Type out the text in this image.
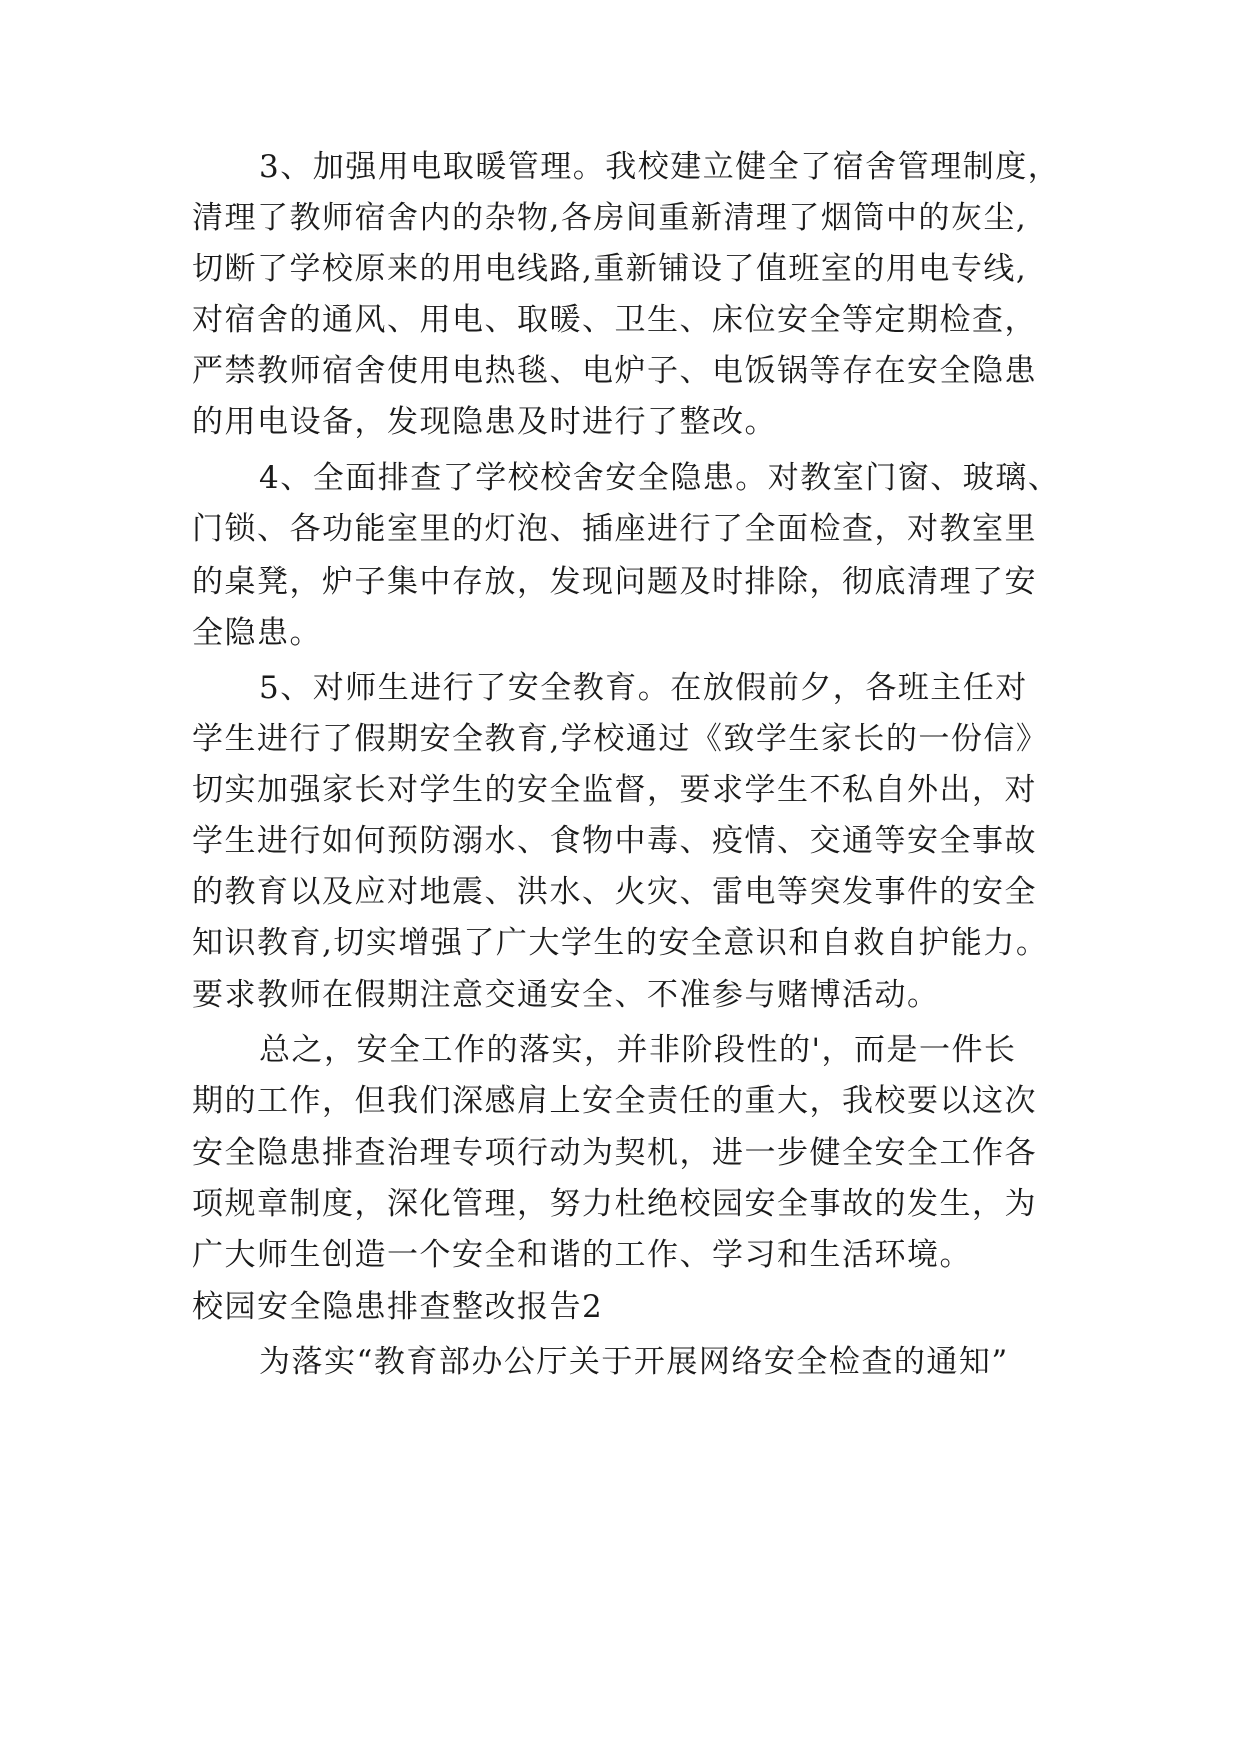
3、加强用电取暖管理。我校建立健全了宿舍管理制度，
清理了教师宿舍内的杂物,各房间重新清理了烟筒中的灰尘,
切断了学校原来的用电线路,重新铺设了值班室的用电专线,
对宿舍的通风、用电、取暖、卫生、床位安全等定期检查，
严禁教师宿舍使用电热毯、电炉子、电饭锅等存在安全隐患
的用电设备，发现隐患及时进行了整改。
4、全面排查了学校校舍安全隐患。对教室门窗、玻璃、
门锁、各功能室里的灯泡、插座进行了全面检查，对教室里
的桌凳，炉子集中存放，发现问题及时排除，彻底清理了安
全隐患。
5、对师生进行了安全教育。在放假前夕，各班主任对
学生进行了假期安全教育,学校通过《致学生家长的一份信》
切实加强家长对学生的安全监督，要求学生不私自外出，对
学生进行如何预防溺水、食物中毒、疫情、交通等安全事故
的教育以及应对地震、洪水、火灾、雷电等突发事件的安全
知识教育,切实增强了广大学生的安全意识和自救自护能力。
要求教师在假期注意交通安全、不准参与赌博活动。
总之，安全工作的落实，并非阶段性的'，而是一件长
期的工作，但我们深感肩上安全责任的重大，我校要以这次
安全隐患排查治理专项行动为契机，进一步健全安全工作各
项规章制度，深化管理，努力杜绝校园安全事故的发生，为
广大师生创造一个安全和谐的工作、学习和生活环境。
校园安全隐患排查整改报告2
为落实“教育部办公厅关于开展网络安全检查的通知”
